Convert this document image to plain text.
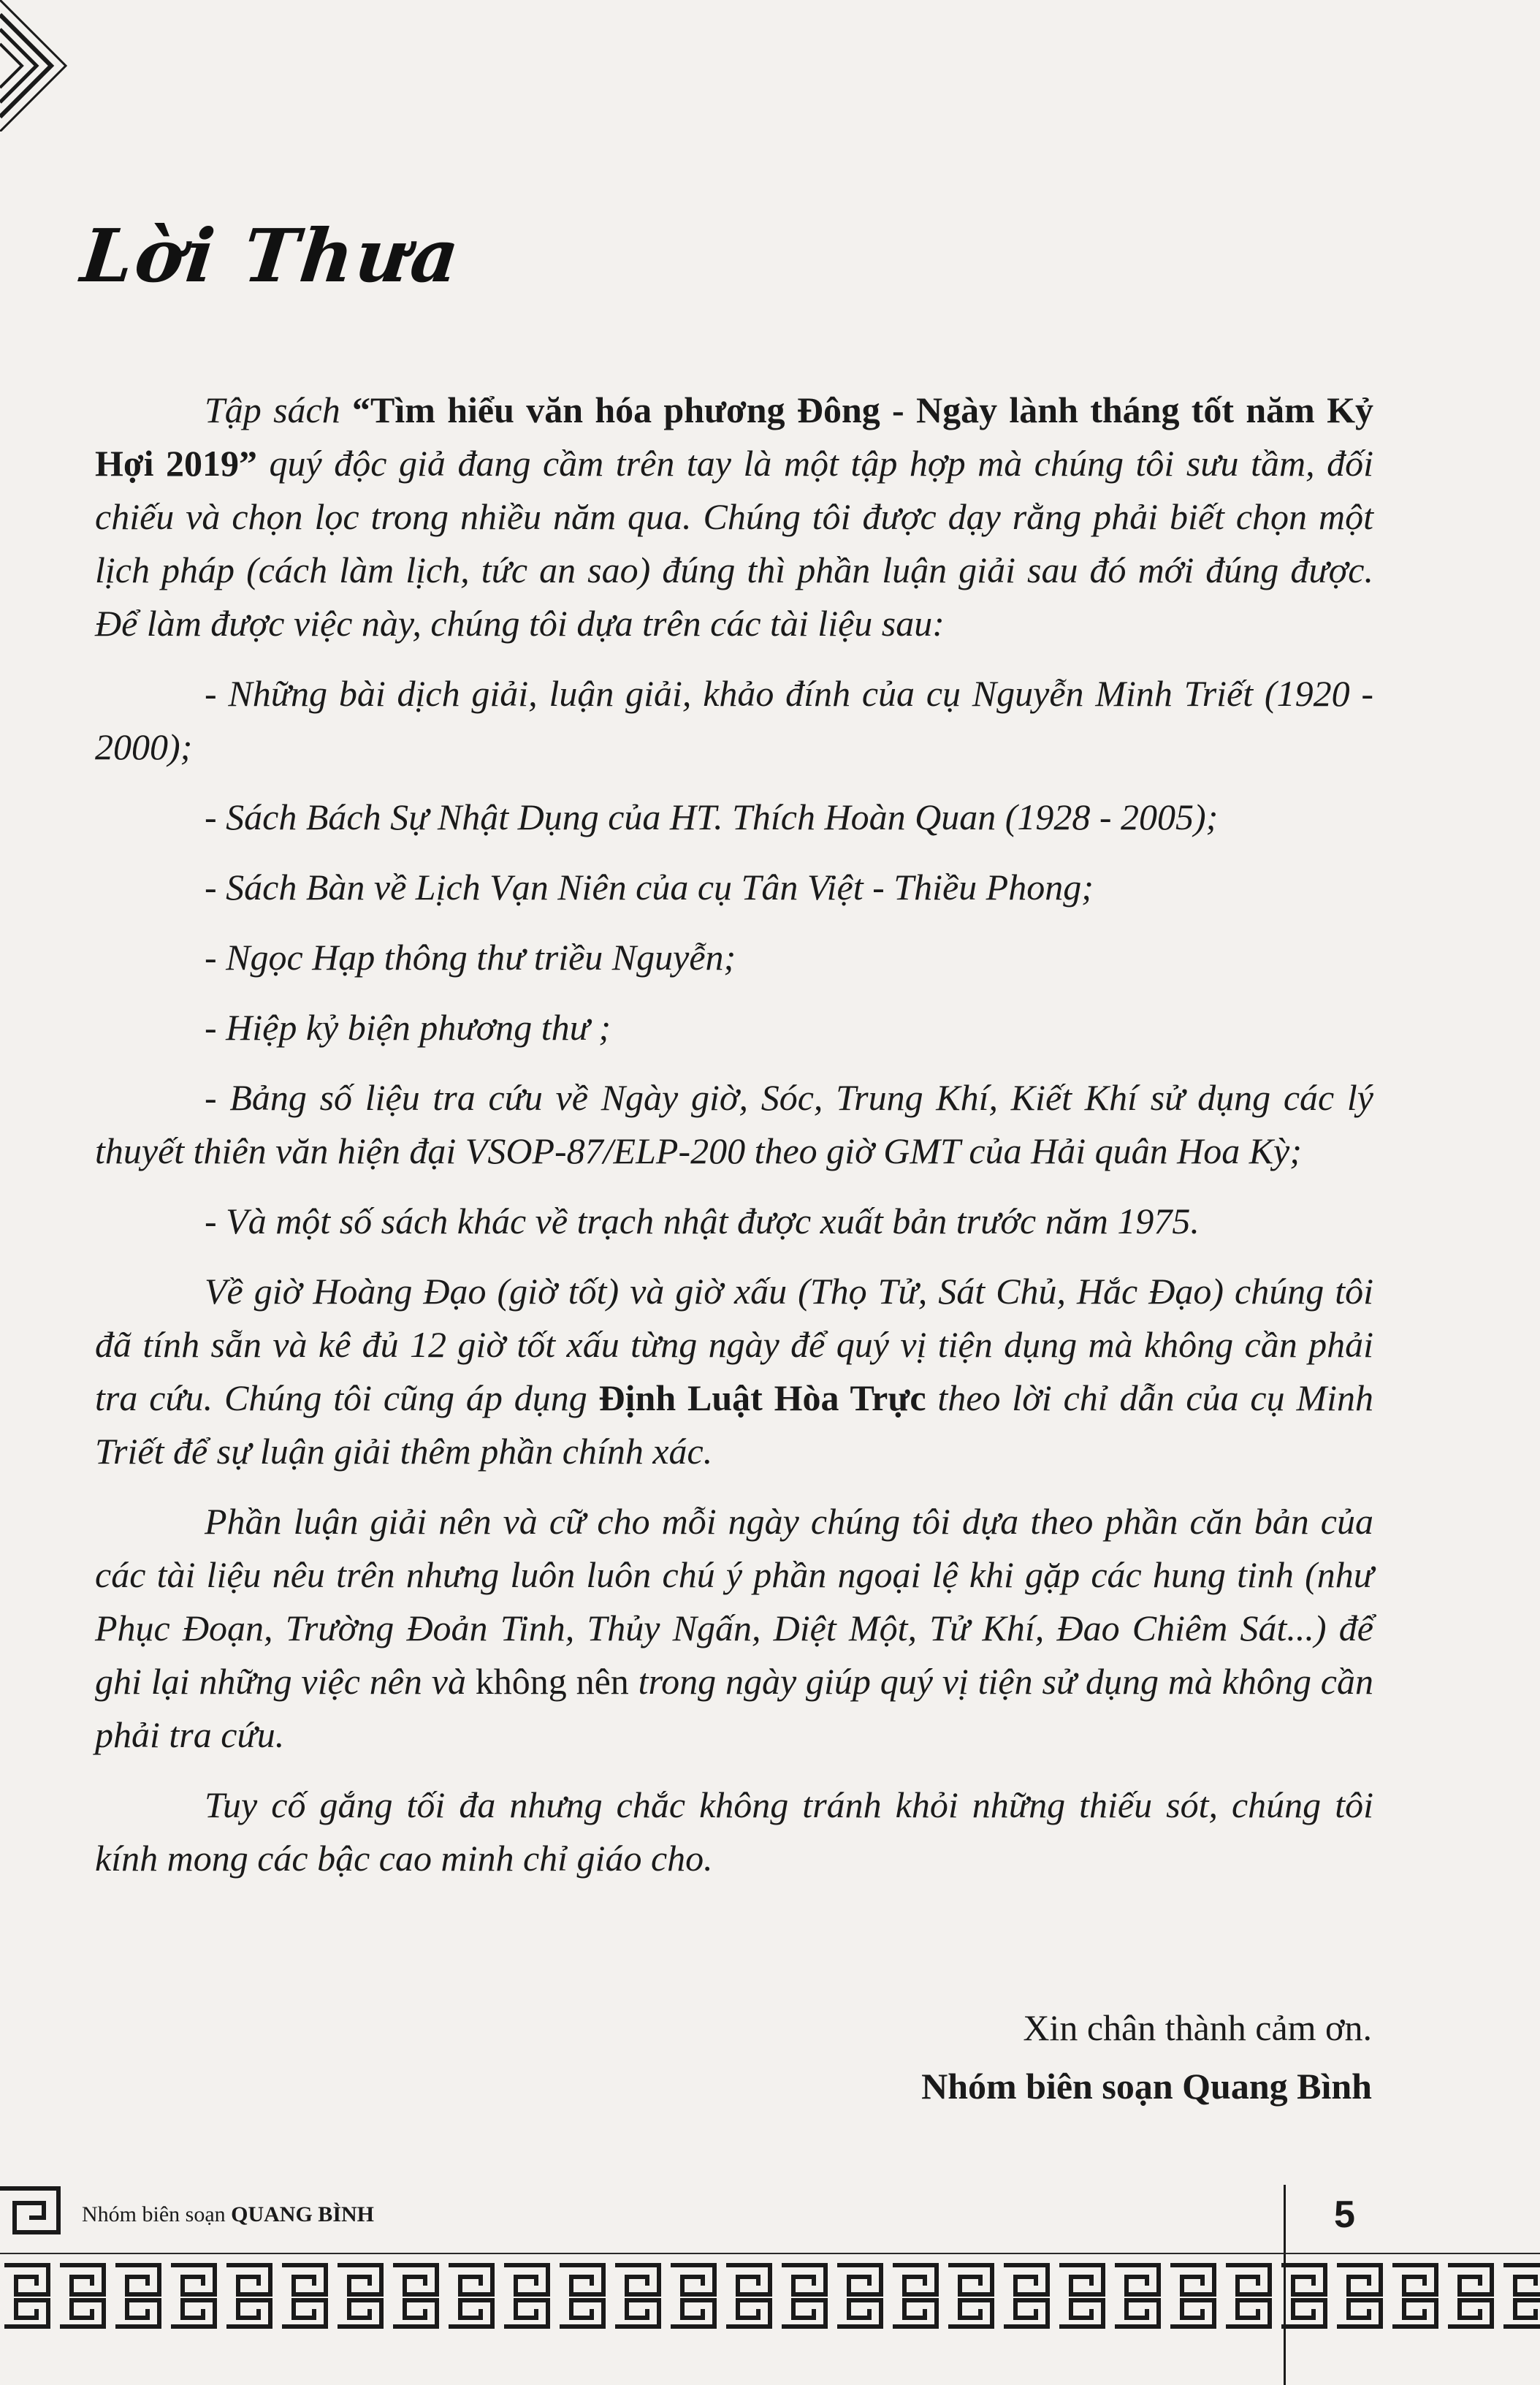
Lời Thưa

Tập sách “Tìm hiểu văn hóa phương Đông - Ngày lành tháng tốt năm Kỷ Hợi 2019” quý độc giả đang cầm trên tay là một tập hợp mà chúng tôi sưu tầm, đối chiếu và chọn lọc trong nhiều năm qua. Chúng tôi được dạy rằng phải biết chọn một lịch pháp (cách làm lịch, tức an sao) đúng thì phần luận giải sau đó mới đúng được. Để làm được việc này, chúng tôi dựa trên các tài liệu sau:

- Những bài dịch giải, luận giải, khảo đính của cụ Nguyễn Minh Triết (1920 - 2000);

- Sách Bách Sự Nhật Dụng của HT. Thích Hoàn Quan (1928 - 2005);

- Sách Bàn về Lịch Vạn Niên của cụ Tân Việt - Thiều Phong;

- Ngọc Hạp thông thư triều Nguyễn;

- Hiệp kỷ biện phương thư ;

- Bảng số liệu tra cứu về Ngày giờ, Sóc, Trung Khí, Kiết Khí sử dụng các lý thuyết thiên văn hiện đại VSOP-87/ELP-200 theo giờ GMT của Hải quân Hoa Kỳ;

- Và một số sách khác về trạch nhật được xuất bản trước năm 1975.

Về giờ Hoàng Đạo (giờ tốt) và giờ xấu (Thọ Tử, Sát Chủ, Hắc Đạo) chúng tôi đã tính sẵn và kê đủ 12 giờ tốt xấu từng ngày để quý vị tiện dụng mà không cần phải tra cứu. Chúng tôi cũng áp dụng Định Luật Hòa Trực theo lời chỉ dẫn của cụ Minh Triết để sự luận giải thêm phần chính xác.

Phần luận giải nên và cữ cho mỗi ngày chúng tôi dựa theo phần căn bản của các tài liệu nêu trên nhưng luôn luôn chú ý phần ngoại lệ khi gặp các hung tinh (như Phục Đoạn, Trường Đoản Tinh, Thủy Ngấn, Diệt Một, Tử Khí, Đao Chiêm Sát...) để ghi lại những việc nên và không nên trong ngày giúp quý vị tiện sử dụng mà không cần phải tra cứu.

Tuy cố gắng tối đa nhưng chắc không tránh khỏi những thiếu sót, chúng tôi kính mong các bậc cao minh chỉ giáo cho.

Xin chân thành cảm ơn.
Nhóm biên soạn Quang Bình
Nhóm biên soạn QUANG BÌNH	5
